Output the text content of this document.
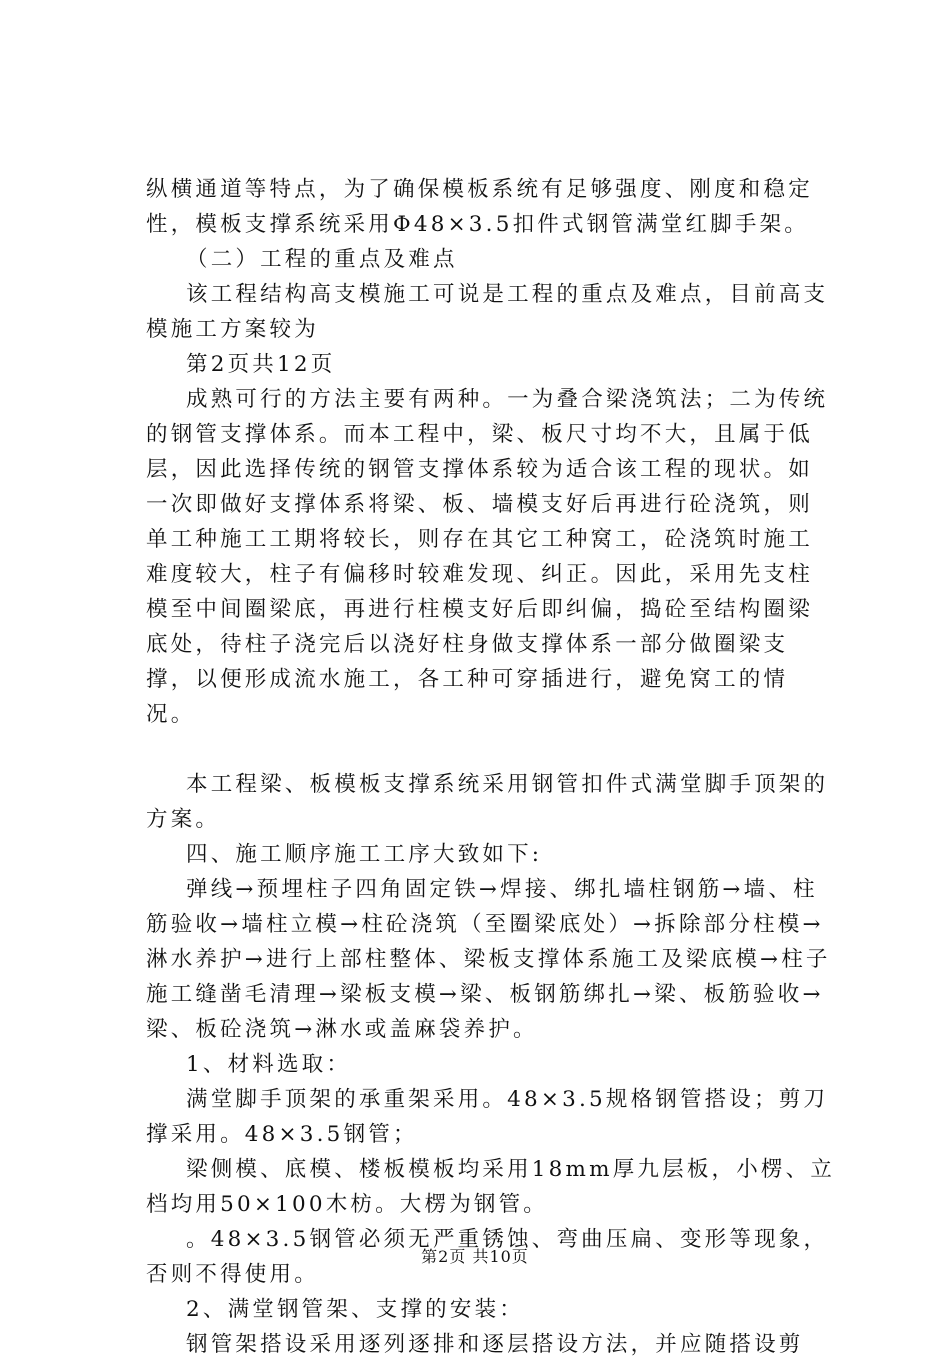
纵横通道等特点，为了确保模板系统有足够强度、刚度和稳定性，模板支撑系统采用Φ48×3.5扣件式钢管满堂红脚手架。

（二）工程的重点及难点

该工程结构高支模施工可说是工程的重点及难点，目前高支模施工方案较为

第2页共12页

成熟可行的方法主要有两种。一为叠合梁浇筑法；二为传统的钢管支撑体系。而本工程中，梁、板尺寸均不大，且属于低层，因此选择传统的钢管支撑体系较为适合该工程的现状。如一次即做好支撑体系将梁、板、墙模支好后再进行砼浇筑，则单工种施工工期将较长，则存在其它工种窝工，砼浇筑时施工难度较大，柱子有偏移时较难发现、纠正。因此，采用先支柱模至中间圈梁底，再进行柱模支好后即纠偏，捣砼至结构圈梁底处，待柱子浇完后以浇好柱身做支撑体系一部分做圈梁支撑，以便形成流水施工，各工种可穿插进行，避免窝工的情况。

本工程梁、板模板支撑系统采用钢管扣件式满堂脚手顶架的方案。

四、施工顺序施工工序大致如下:

弹线→预埋柱子四角固定铁→焊接、绑扎墙柱钢筋→墙、柱筋验收→墙柱立模→柱砼浇筑（至圈梁底处）→拆除部分柱模→淋水养护→进行上部柱整体、梁板支撑体系施工及梁底模→柱子施工缝凿毛清理→梁板支模→梁、板钢筋绑扎→梁、板筋验收→梁、板砼浇筑→淋水或盖麻袋养护。

1、材料选取：

满堂脚手顶架的承重架采用。48×3.5规格钢管搭设；剪刀撑采用。48×3.5钢管；

梁侧模、底模、楼板模板均采用18mm厚九层板，小楞、立档均用50×100木枋。大楞为钢管。

。48×3.5钢管必须无严重锈蚀、弯曲压扁、变形等现象，否则不得使用。

2、满堂钢管架、支撑的安装：

钢管架搭设采用逐列逐排和逐层搭设方法，并应随搭设剪

第2页 共10页
